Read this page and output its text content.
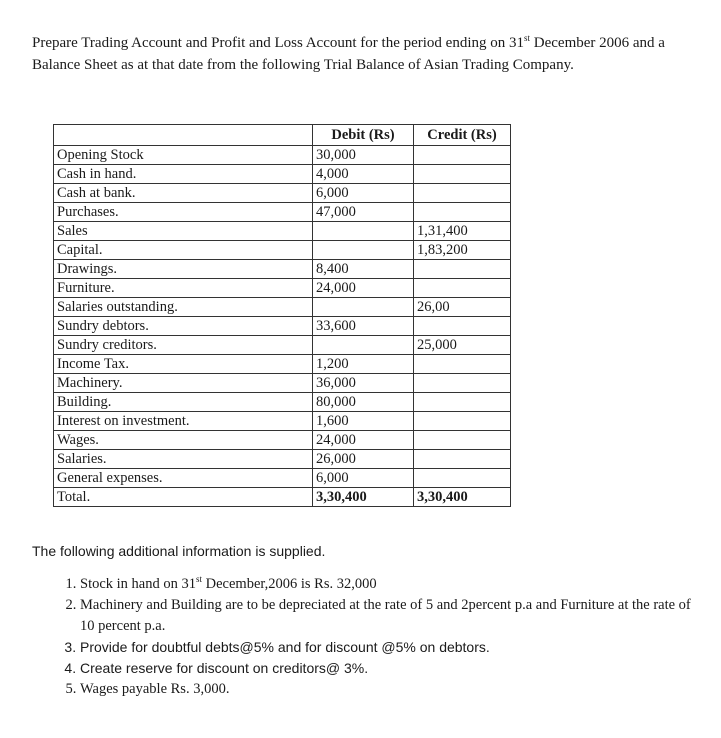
Prepare Trading Account and Profit and Loss Account for the period ending on 31st December 2006 and a Balance Sheet as at that date from the following Trial Balance of Asian Trading Company.
	Debit (Rs)	Credit (Rs)
Opening Stock	30,000	
Cash in hand.	4,000	
Cash at bank.	6,000	
Purchases.	47,000	
Sales		1,31,400
Capital.		1,83,200
Drawings.	8,400	
Furniture.	24,000	
Salaries outstanding.		26,00
Sundry debtors.	33,600	
Sundry creditors.		25,000
Income Tax.	1,200	
Machinery.	36,000	
Building.	80,000	
Interest on investment.	1,600	
Wages.	24,000	
Salaries.	26,000	
General expenses.	6,000	
Total.	3,30,400	3,30,400
The following additional information is supplied.
1. Stock in hand on 31st December,2006 is Rs. 32,000
2. Machinery and Building are to be depreciated at the rate of 5 and 2percent p.a and Furniture at the rate of 10 percent p.a.
3. Provide for doubtful debts@5% and for discount @5% on debtors.
4. Create reserve for discount on creditors@ 3%.
5. Wages payable Rs. 3,000.
